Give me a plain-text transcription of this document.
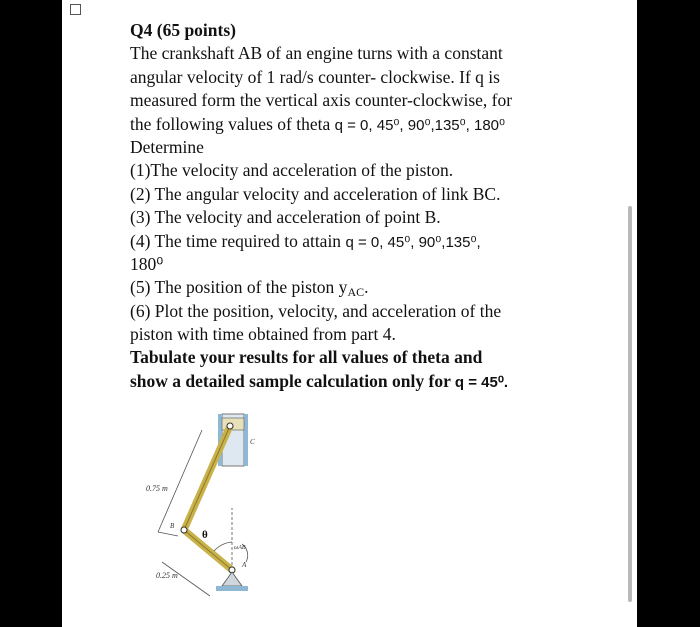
Q4 (65 points)
The crankshaft AB of an engine turns with a constant
angular velocity of 1 rad/s counter- clockwise. If q is
measured form the vertical axis counter-clockwise, for
the following values of theta q = 0, 45⁰, 90⁰,135⁰, 180⁰
Determine
(1)The velocity and acceleration of the piston.
(2) The angular velocity and acceleration of link BC.
(3) The velocity and acceleration of point B.
(4) The time required to attain q = 0, 45⁰, 90⁰,135⁰,
180⁰
(5) The position of the piston $y_{AC}$.
(6) Plot the position, velocity, and acceleration of the
piston with time obtained from part 4.
Tabulate your results for all values of theta and
show a detailed sample calculation only for q = 45⁰.
0.75 m
0.25 m
B
C
A
θ
ωAB
